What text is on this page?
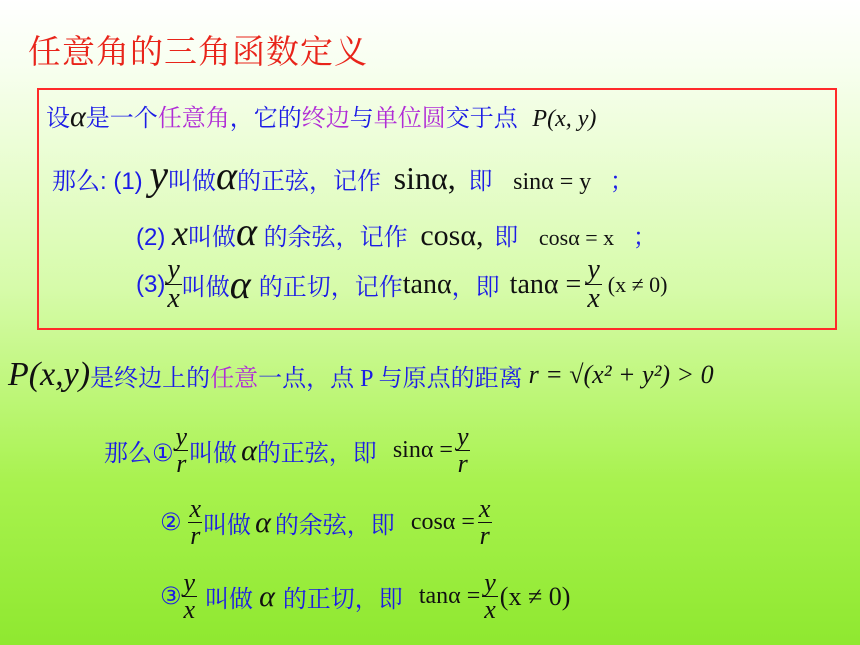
任意角的三角函数定义
设α是一个任意角，它的终边与单位圆交于点 P(x, y)
那么: (1) y叫做α的正弦，记作 sinα, 即 sinα = y ；
(2) x叫做α 的余弦，记作 cosα, 即 cosα = x ；
$(3) \frac{y}{x}$ 叫做 α 的正切，记作 tanα ，即 $\tan\alpha = \frac{y}{x} (x \ne 0)$
P(x,y) 是终边上的 任意 一点，点 P 与原点的距离 r = √(x² + y²) > 0
那么① $\frac{y}{r}$ 叫做 α 的正弦，即 $\sin\alpha = \frac{y}{r}$
② $\frac{x}{r}$ 叫做 α 的余弦，即 $\cos\alpha = \frac{x}{r}$
③ $\frac{y}{x}$ 叫做 α 的正切，即 $\tan\alpha = \frac{y}{x} (x \ne 0)$
